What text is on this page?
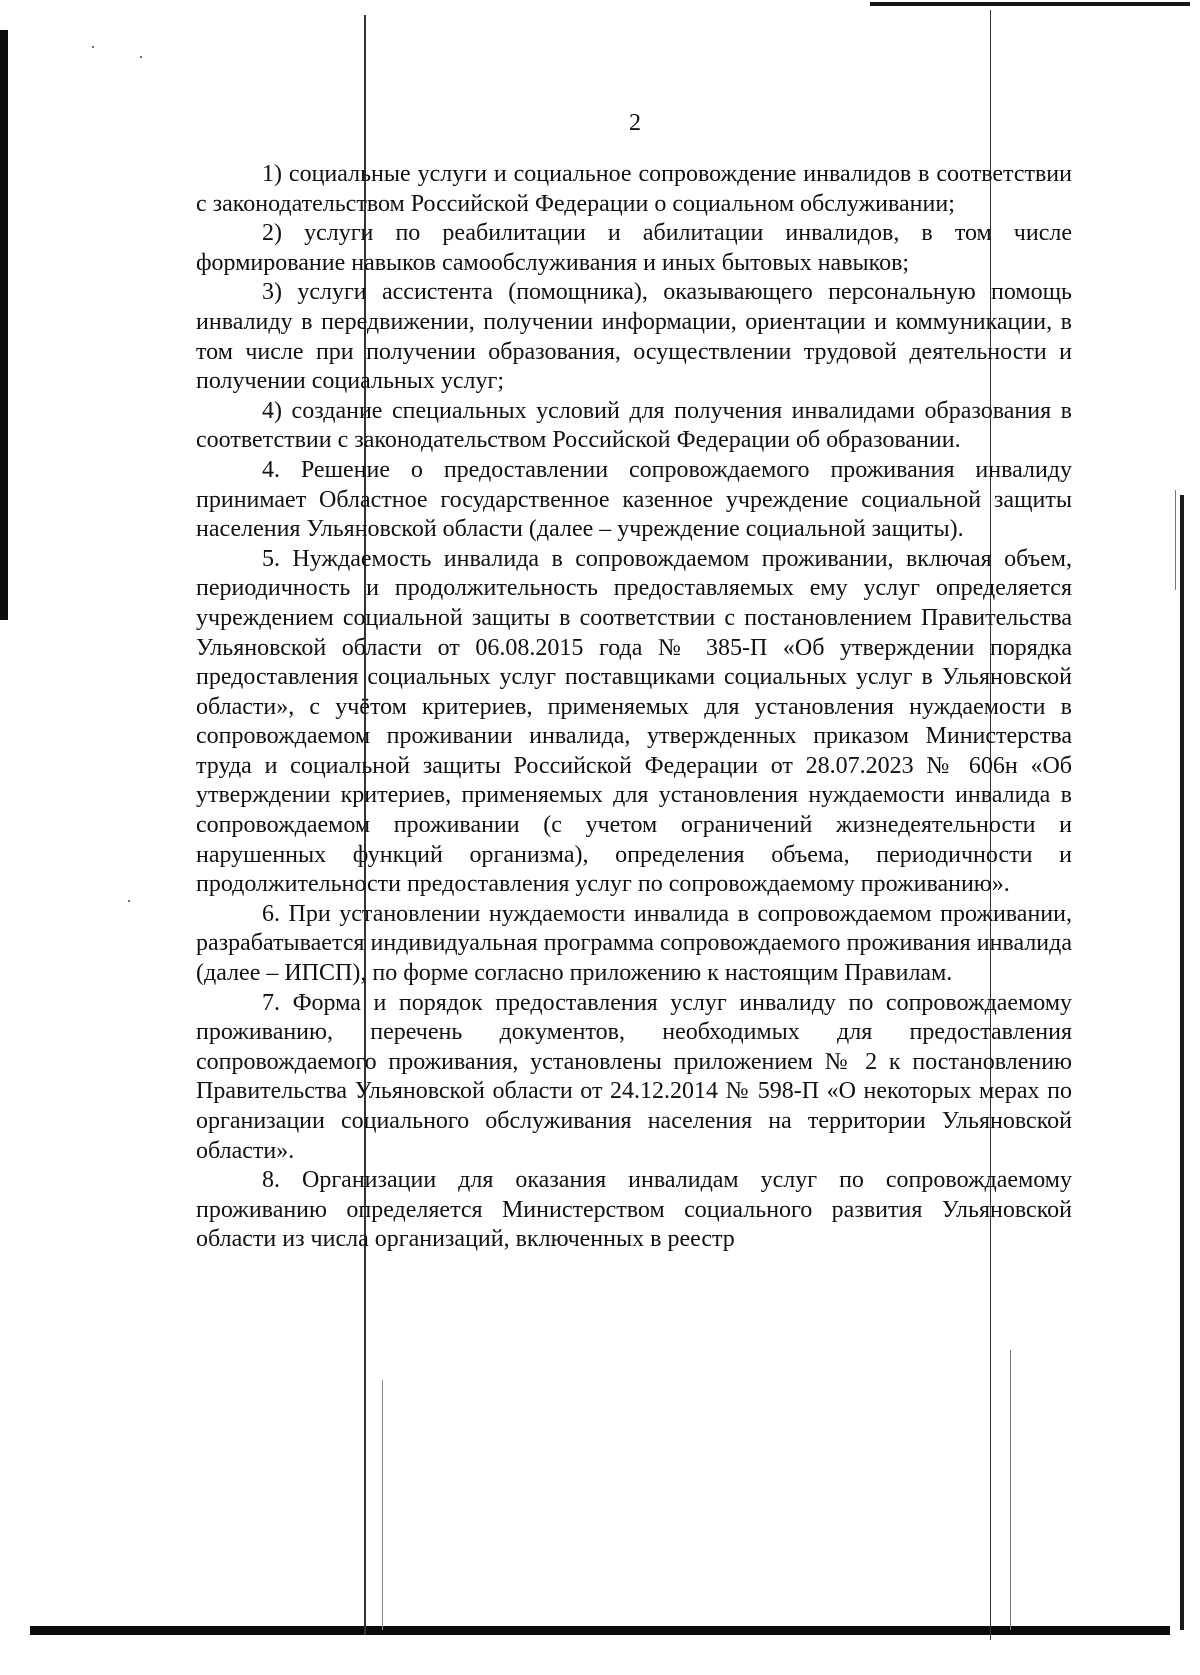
2

1) социальные услуги и социальное сопровождение инвалидов в соответствии с законодательством Российской Федерации о социальном обслуживании;

2) услуги по реабилитации и абилитации инвалидов, в том числе формирование навыков самообслуживания и иных бытовых навыков;

3) услуги ассистента (помощника), оказывающего персональную помощь инвалиду в передвижении, получении информации, ориентации и коммуникации, в том числе при получении образования, осуществлении трудовой деятельности и получении социальных услуг;

4) создание специальных условий для получения инвалидами образования в соответствии с законодательством Российской Федерации об образовании.

4. Решение о предоставлении сопровождаемого проживания инвалиду принимает Областное государственное казенное учреждение социальной защиты населения Ульяновской области (далее – учреждение социальной защиты).

5. Нуждаемость инвалида в сопровождаемом проживании, включая объем, периодичность и продолжительность предоставляемых ему услуг определяется учреждением социальной защиты в соответствии с постановлением Правительства Ульяновской области от 06.08.2015 года № 385-П «Об утверждении порядка предоставления социальных услуг поставщиками социальных услуг в Ульяновской области», с учётом критериев, применяемых для установления нуждаемости в сопровождаемом проживании инвалида, утвержденных приказом Министерства труда и социальной защиты Российской Федерации от 28.07.2023 № 606н «Об утверждении критериев, применяемых для установления нуждаемости инвалида в сопровождаемом проживании (с учетом ограничений жизнедеятельности и нарушенных функций организма), определения объема, периодичности и продолжительности предоставления услуг по сопровождаемому проживанию».

6. При установлении нуждаемости инвалида в сопровождаемом проживании, разрабатывается индивидуальная программа сопровождаемого проживания инвалида (далее – ИПСП), по форме согласно приложению к настоящим Правилам.

7. Форма и порядок предоставления услуг инвалиду по сопровождаемому проживанию, перечень документов, необходимых для предоставления сопровождаемого проживания, установлены приложением № 2 к постановлению Правительства Ульяновской области от 24.12.2014 № 598-П «О некоторых мерах по организации социального обслуживания населения на территории Ульяновской области».

8. Организации для оказания инвалидам услуг по сопровождаемому проживанию определяется Министерством социального развития Ульяновской области из числа организаций, включенных в реестр
